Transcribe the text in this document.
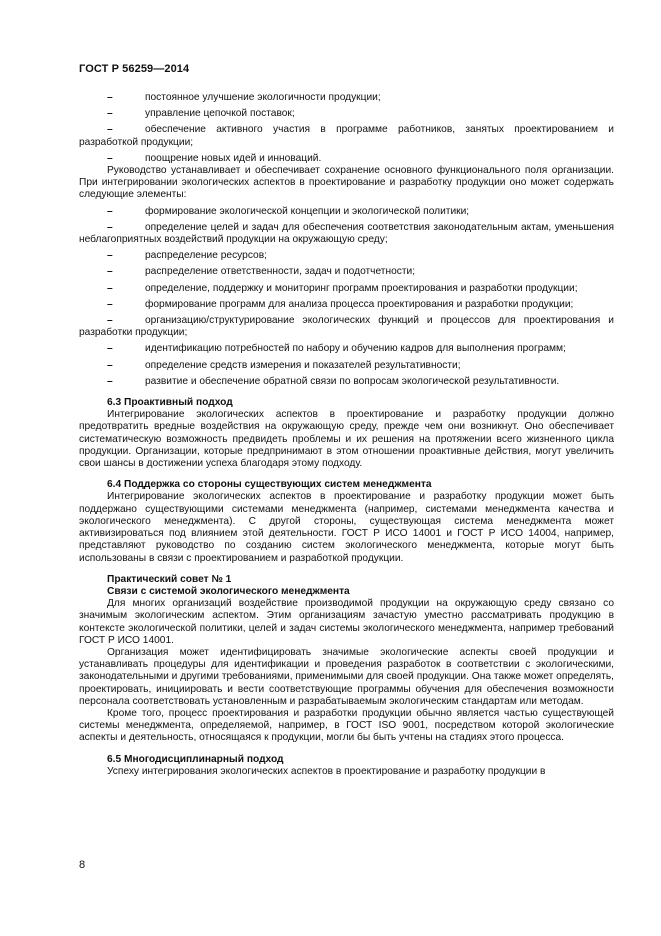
ГОСТ Р 56259—2014
–	постоянное улучшение экологичности продукции;
–	управление цепочкой поставок;
–	обеспечение активного участия в программе работников, занятых проектированием и разработкой продукции;
–	поощрение новых идей и инноваций.

Руководство устанавливает и обеспечивает сохранение основного функционального поля организации. При интегрировании экологических аспектов в проектирование и разработку продукции оно может содержать следующие элементы:

–	формирование экологической концепции и экологической политики;
–	определение целей и задач для обеспечения соответствия законодательным актам, уменьшения неблагоприятных воздействий продукции на окружающую среду;
–	распределение ресурсов;
–	распределение ответственности, задач и подотчетности;
–	определение, поддержку и мониторинг программ проектирования и разработки продукции;
–	формирование программ для анализа процесса проектирования и разработки продукции;
–	организацию/структурирование экологических функций и процессов для проектирования и разработки продукции;
–	идентификацию потребностей по набору и обучению кадров для выполнения программ;
–	определение средств измерения и показателей результативности;
–	развитие и обеспечение обратной связи по вопросам экологической результативности.

6.3 Проактивный подход

Интегрирование экологических аспектов в проектирование и разработку продукции должно предотвратить вредные воздействия на окружающую среду, прежде чем они возникнут. Оно обеспечивает систематическую возможность предвидеть проблемы и их решения на протяжении всего жизненного цикла продукции. Организации, которые предпринимают в этом отношении проактивные действия, могут увеличить свои шансы в достижении успеха благодаря этому подходу.

6.4 Поддержка со стороны существующих систем менеджмента

Интегрирование экологических аспектов в проектирование и разработку продукции может быть поддержано существующими системами менеджмента (например, системами менеджмента качества и экологического менеджмента). С другой стороны, существующая система менеджмента может активизироваться под влиянием этой деятельности. ГОСТ Р ИСО 14001 и ГОСТ Р ИСО 14004, например, представляют руководство по созданию систем экологического менеджмента, которые могут быть использованы в связи с проектированием и разработкой продукции.

Практический совет № 1

Связи с системой экологического менеджмента

Для многих организаций воздействие производимой продукции на окружающую среду связано со значимым экологическим аспектом. Этим организациям зачастую уместно рассматривать продукцию в контексте экологической политики, целей и задач системы экологического менеджмента, например требований ГОСТ Р ИСО 14001.

Организация может идентифицировать значимые экологические аспекты своей продукции и устанавливать процедуры для идентификации и проведения разработок в соответствии с экологическими, законодательными и другими требованиями, применимыми для своей продукции. Она также может определять, проектировать, инициировать и вести соответствующие программы обучения для обеспечения возможности персонала соответствовать установленным и разрабатываемым экологическим стандартам или методам.

Кроме того, процесс проектирования и разработки продукции обычно является частью существующей системы менеджмента, определяемой, например, в ГОСТ ISO 9001, посредством которой экологические аспекты и деятельность, относящаяся к продукции, могли бы быть учтены на стадиях этого процесса.

6.5 Многодисциплинарный подход

Успеху интегрирования экологических аспектов в проектирование и разработку продукции в

8
